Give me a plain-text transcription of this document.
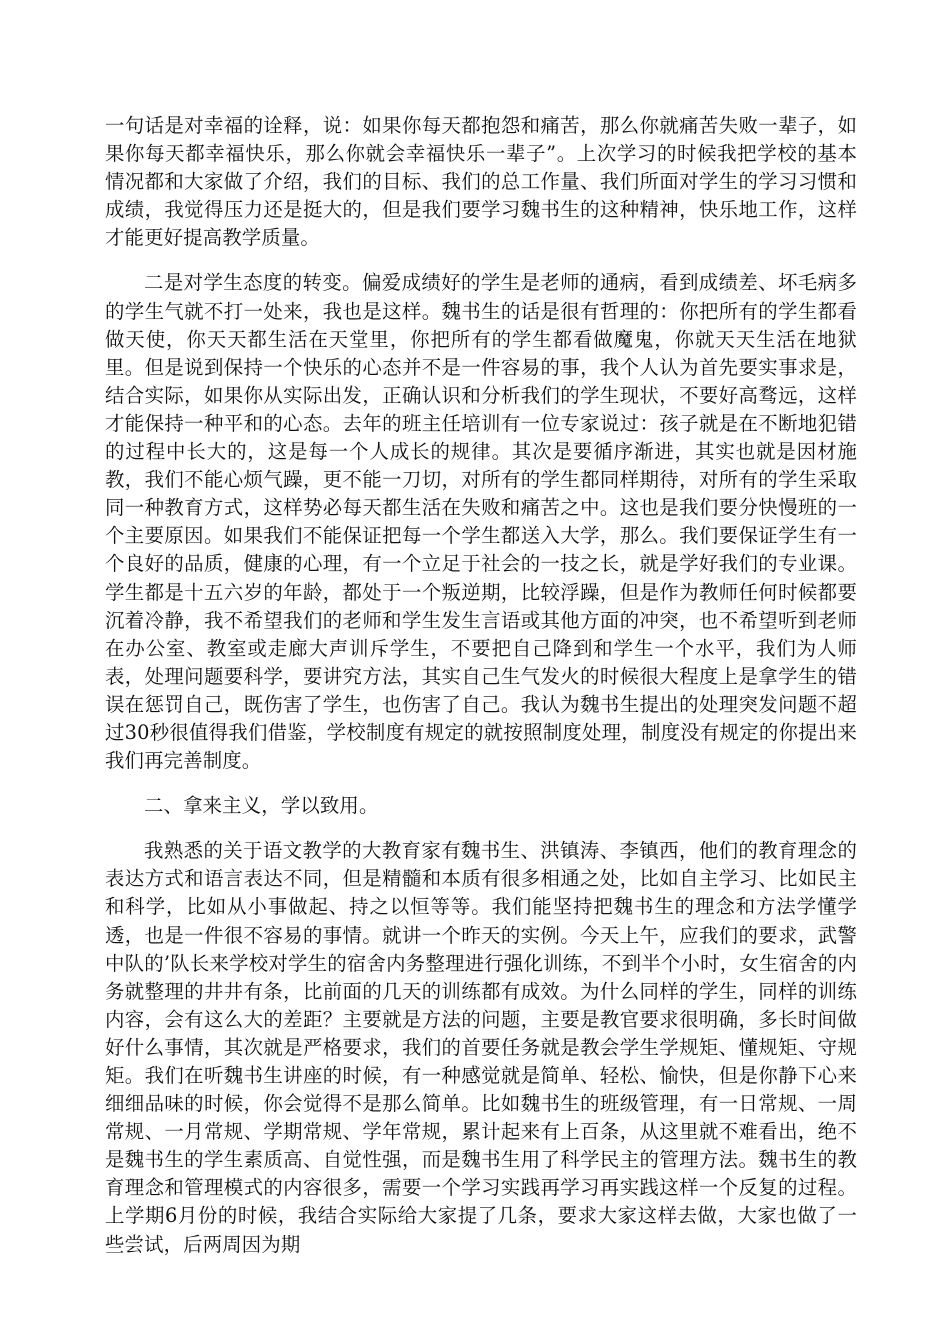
一句话是对幸福的诠释，说：如果你每天都抱怨和痛苦，那么你就痛苦失败一辈子，如果你每天都幸福快乐，那么你就会幸福快乐一辈子”。上次学习的时候我把学校的基本情况都和大家做了介绍，我们的目标、我们的总工作量、我们所面对学生的学习习惯和成绩，我觉得压力还是挺大的，但是我们要学习魏书生的这种精神，快乐地工作，这样才能更好提高教学质量。

二是对学生态度的转变。偏爱成绩好的学生是老师的通病，看到成绩差、坏毛病多的学生气就不打一处来，我也是这样。魏书生的话是很有哲理的：你把所有的学生都看做天使，你天天都生活在天堂里，你把所有的学生都看做魔鬼，你就天天生活在地狱里。但是说到保持一个快乐的心态并不是一件容易的事，我个人认为首先要实事求是，结合实际，如果你从实际出发，正确认识和分析我们的学生现状，不要好高骛远，这样才能保持一种平和的心态。去年的班主任培训有一位专家说过：孩子就是在不断地犯错的过程中长大的，这是每一个人成长的规律。其次是要循序渐进，其实也就是因材施教，我们不能心烦气躁，更不能一刀切，对所有的学生都同样期待，对所有的学生采取同一种教育方式，这样势必每天都生活在失败和痛苦之中。这也是我们要分快慢班的一个主要原因。如果我们不能保证把每一个学生都送入大学，那么。我们要保证学生有一个良好的品质，健康的心理，有一个立足于社会的一技之长，就是学好我们的专业课。学生都是十五六岁的年龄，都处于一个叛逆期，比较浮躁，但是作为教师任何时候都要沉着冷静，我不希望我们的老师和学生发生言语或其他方面的冲突，也不希望听到老师在办公室、教室或走廊大声训斥学生，不要把自己降到和学生一个水平，我们为人师表，处理问题要科学，要讲究方法，其实自己生气发火的时候很大程度上是拿学生的错误在惩罚自己，既伤害了学生，也伤害了自己。我认为魏书生提出的处理突发问题不超过30秒很值得我们借鉴，学校制度有规定的就按照制度处理，制度没有规定的你提出来我们再完善制度。

二、拿来主义，学以致用。

我熟悉的关于语文教学的大教育家有魏书生、洪镇涛、李镇西，他们的教育理念的表达方式和语言表达不同，但是精髓和本质有很多相通之处，比如自主学习、比如民主和科学，比如从小事做起、持之以恒等等。我们能坚持把魏书生的理念和方法学懂学透，也是一件很不容易的事情。就讲一个昨天的实例。今天上午，应我们的要求，武警中队的’队长来学校对学生的宿舍内务整理进行强化训练，不到半个小时，女生宿舍的内务就整理的井井有条，比前面的几天的训练都有成效。为什么同样的学生，同样的训练内容，会有这么大的差距？主要就是方法的问题，主要是教官要求很明确，多长时间做好什么事情，其次就是严格要求，我们的首要任务就是教会学生学规矩、懂规矩、守规矩。我们在听魏书生讲座的时候，有一种感觉就是简单、轻松、愉快，但是你静下心来细细品味的时候，你会觉得不是那么简单。比如魏书生的班级管理，有一日常规、一周常规、一月常规、学期常规、学年常规，累计起来有上百条，从这里就不难看出，绝不是魏书生的学生素质高、自觉性强，而是魏书生用了科学民主的管理方法。魏书生的教育理念和管理模式的内容很多，需要一个学习实践再学习再实践这样一个反复的过程。上学期6月份的时候，我结合实际给大家提了几条，要求大家这样去做，大家也做了一些尝试，后两周因为期
